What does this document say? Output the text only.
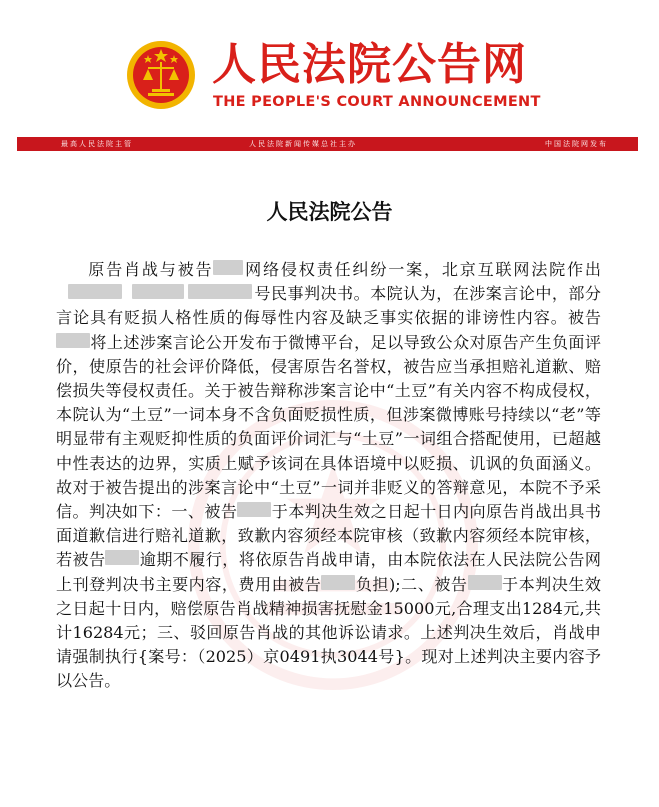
人民法院公告网
THE PEOPLE'S COURT ANNOUNCEMENT
最高人民法院主管	人民法院新闻传媒总社主办	中国法院网发布
人民法院公告

原告肖战与被告　 网络侵权责任纠纷一案，北京互联网法院作出　　　号民事判决书。本院认为，在涉案言论中，部分言论具有贬损人格性质的侮辱性内容及缺乏事实依据的诽谤性内容。被告　将上述涉案言论公开发布于微博平台，足以导致公众对原告产生负面评价，使原告的社会评价降低，侵害原告名誉权，被告应当承担赔礼道歉、赔偿损失等侵权责任。关于被告辩称涉案言论中“土豆”有关内容不构成侵权，本院认为“土豆”一词本身不含负面贬损性质，但涉案微博账号持续以“老”等明显带有主观贬抑性质的负面评价词汇与“土豆”一词组合搭配使用，已超越中性表达的边界，实质上赋予该词在具体语境中以贬损、讥讽的负面涵义。故对于被告提出的涉案言论中“土豆”一词并非贬义的答辩意见，本院不予采信。判决如下：一、被告　 于本判决生效之日起十日内向原告肖战出具书面道歉信进行赔礼道歉，致歉内容须经本院审核（致歉内容须经本院审核，若被告　 逾期不履行，将依原告肖战申请，由本院依法在人民法院公告网上刊登判决书主要内容，费用由被告　 负担);二、被告　 于本判决生效之日起十日内，赔偿原告肖战精神损害抚慰金15000元,合理支出1284元,共计16284元；三、驳回原告肖战的其他诉讼请求。上述判决生效后，肖战申请强制执行{案号：（2025）京0491执3044号}。现对上述判决主要内容予以公告。
